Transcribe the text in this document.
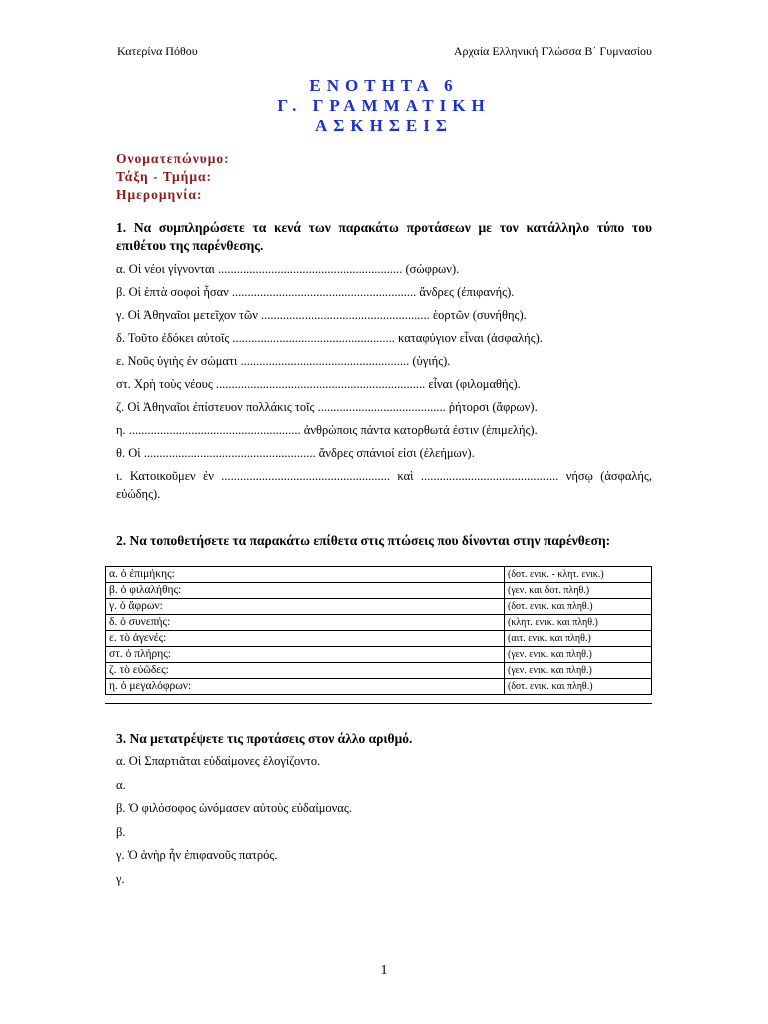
Κατερίνα Πόθου	Αρχαία Ελληνική Γλώσσα Β΄ Γυμνασίου
ΕΝΟΤΗΤΑ 6
Γ. ΓΡΑΜΜΑΤΙΚΗ
ΑΣΚΗΣΕΙΣ
Ονοματεπώνυμο:
Τάξη - Τμήμα:
Ημερομηνία:
1. Να συμπληρώσετε τα κενά των παρακάτω προτάσεων με τον κατάλληλο τύπο του επιθέτου της παρένθεσης.
α. Οἱ νέοι γίγνονται ........................................................... (σώφρων).
β. Οἱ ἑπτὰ σοφοὶ ἦσαν ........................................................... ἄνδρες (ἐπιφανής).
γ. Οἱ Ἀθηναῖοι μετεῖχον τῶν ...................................................... ἑορτῶν (συνήθης).
δ. Τοῦτο ἐδόκει αὐτοῖς .................................................... καταφύγιον εἶναι (ἀσφαλής).
ε. Νοῦς ὑγιὴς ἐν σώματι ...................................................... (ὑγιής).
στ. Χρὴ τοὺς νέους ................................................................... εἶναι (φιλομαθής).
ζ. Οἱ Ἀθηναῖοι ἐπίστευον πολλάκις τοῖς ......................................... ῥήτορσι (ἄφρων).
η. ....................................................... ἀνθρώποις πάντα κατορθωτά ἐστιν (ἐπιμελής).
θ. Οἱ ....................................................... ἄνδρες σπάνιοί εἰσι (ἐλεήμων).
ι. Κατοικοῦμεν ἐν ...................................................... καὶ ............................................ νήσῳ (ἀσφαλής, εὐώδης).
2. Να τοποθετήσετε τα παρακάτω επίθετα στις πτώσεις που δίνονται στην παρένθεση:
α. ὁ ἐπιμήκης:	(δοτ. ενικ. - κλητ. ενικ.)
β. ὁ φιλαλήθης:	(γεν. και δοτ. πληθ.)
γ. ὁ ἄφρων:	(δοτ. ενικ. και πληθ.)
δ. ὁ συνεπής:	(κλητ. ενικ. και πληθ.)
ε. τὸ ἀγενές:	(αιτ. ενικ. και πληθ.)
στ. ὁ πλήρης:	(γεν. ενικ. και πληθ.)
ζ. τὸ εὐῶδες:	(γεν. ενικ. και πληθ.)
η. ὁ μεγαλόφρων:	(δοτ. ενικ. και πληθ.)
3. Να μετατρέψετε τις προτάσεις στον άλλο αριθμό.
α. Οἱ Σπαρτιᾶται εὐδαίμονες ἐλογίζοντο.
α.
β. Ὁ φιλόσοφος ὠνόμασεν αὐτοὺς εὐδαίμονας.
β.
γ. Ὁ ἀνὴρ ἦν ἐπιφανοῦς πατρός.
γ.
1
